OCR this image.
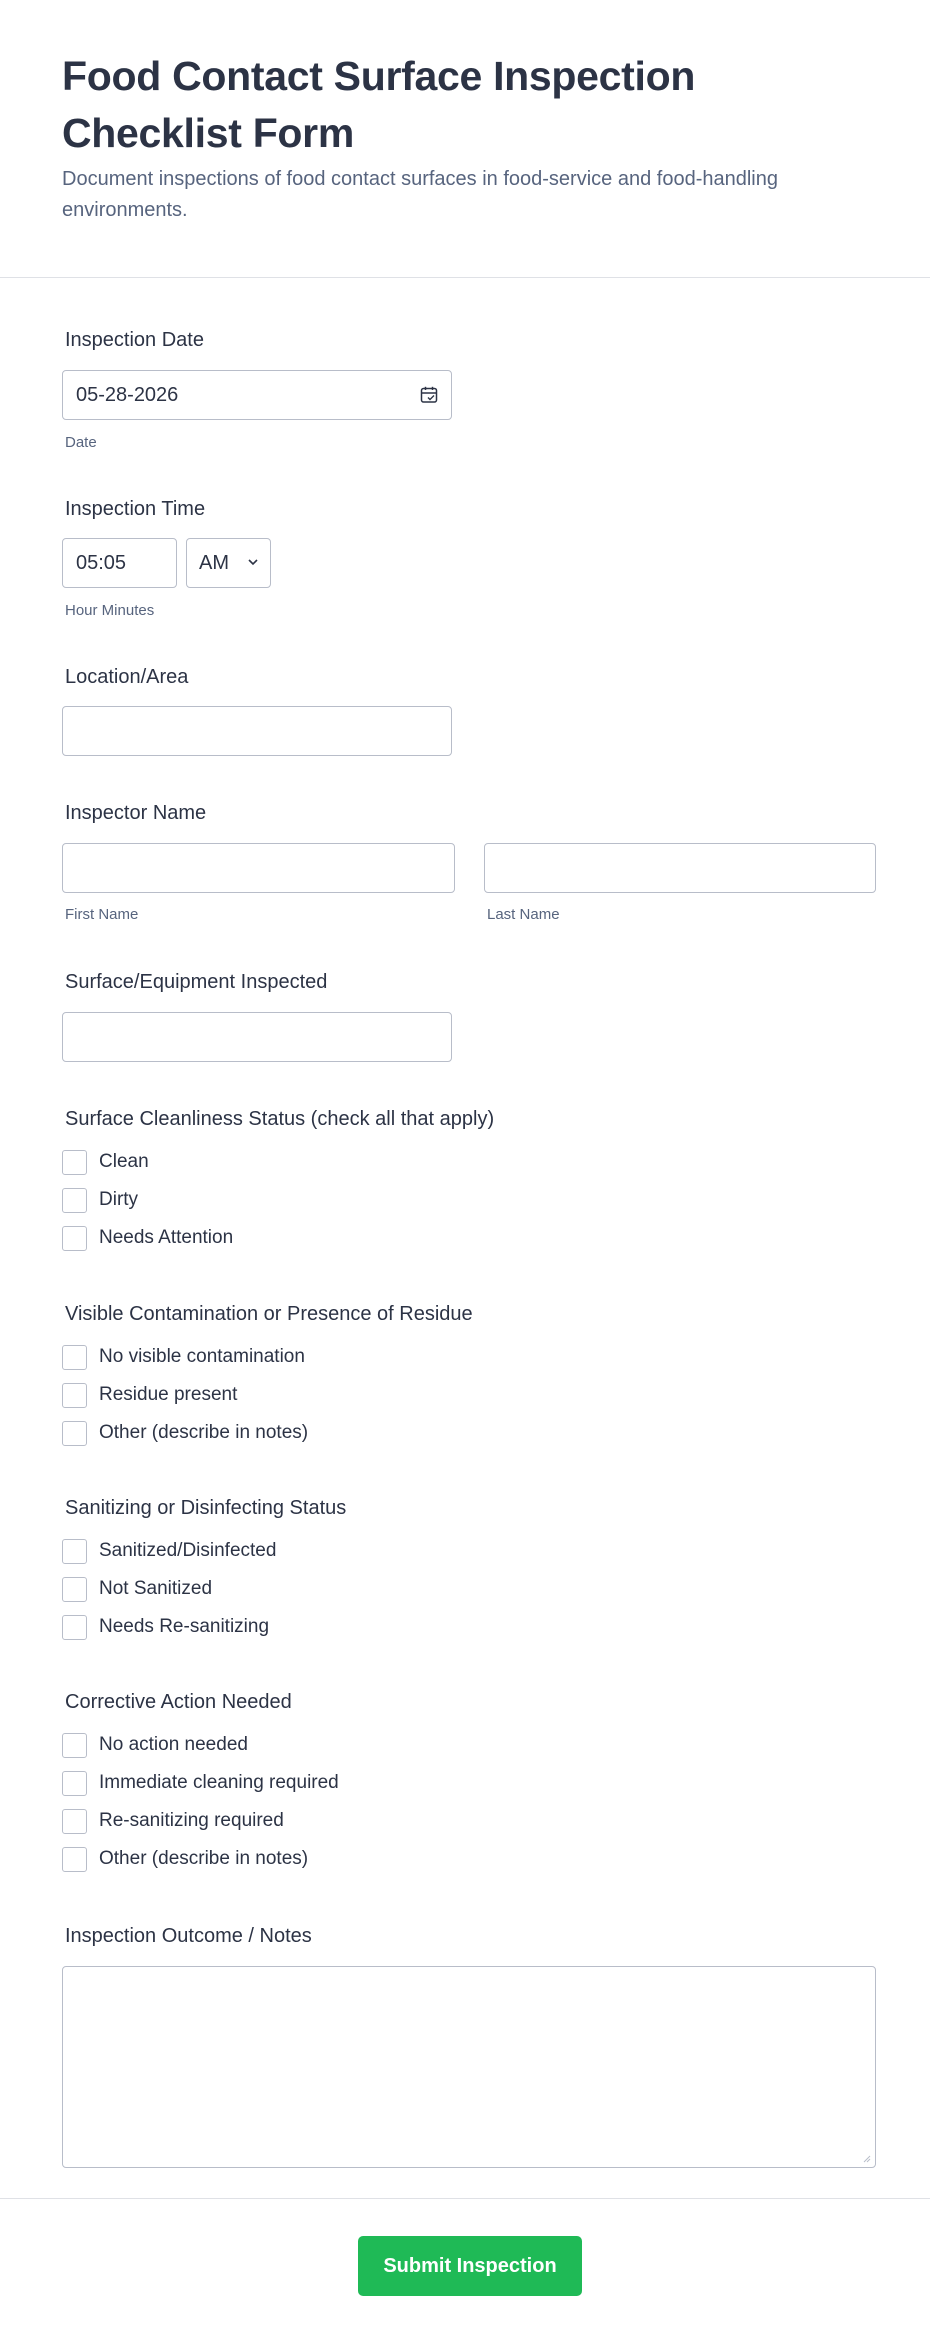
Food Contact Surface Inspection Checklist Form
Document inspections of food contact surfaces in food-service and food-handling environments.
Inspection Date
05-28-2026
Date
Inspection Time
05:05	AM
Hour Minutes
Location/Area
Inspector Name
First Name	Last Name
Surface/Equipment Inspected
Surface Cleanliness Status (check all that apply)
Clean
Dirty
Needs Attention
Visible Contamination or Presence of Residue
No visible contamination
Residue present
Other (describe in notes)
Sanitizing or Disinfecting Status
Sanitized/Disinfected
Not Sanitized
Needs Re-sanitizing
Corrective Action Needed
No action needed
Immediate cleaning required
Re-sanitizing required
Other (describe in notes)
Inspection Outcome / Notes
Submit Inspection
